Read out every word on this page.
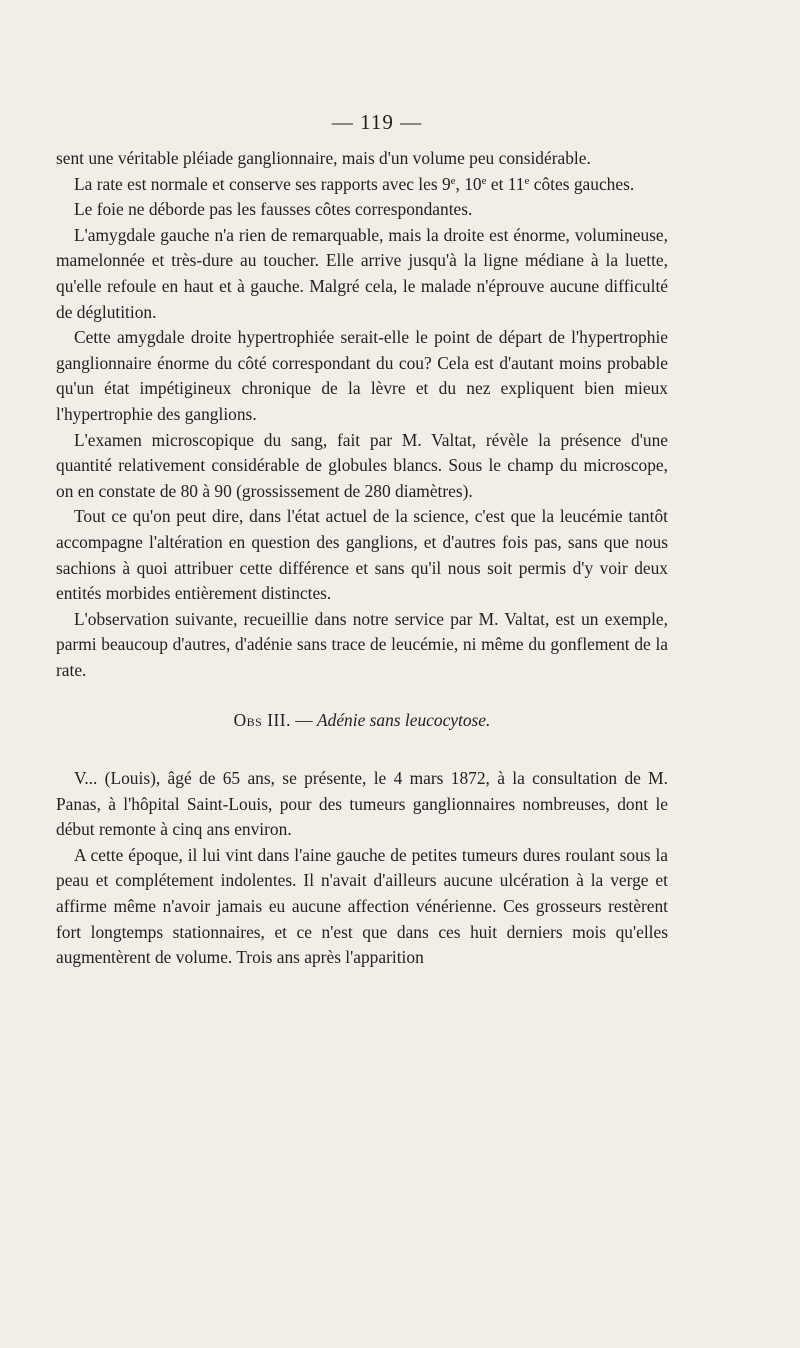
— 119 —

sent une véritable pléiade ganglionnaire, mais d'un volume peu considérable.

La rate est normale et conserve ses rapports avec les 9e, 10e et 11e côtes gauches.

Le foie ne déborde pas les fausses côtes correspondantes.

L'amygdale gauche n'a rien de remarquable, mais la droite est énorme, volumineuse, mamelonnée et très-dure au toucher. Elle arrive jusqu'à la ligne médiane à la luette, qu'elle refoule en haut et à gauche. Malgré cela, le malade n'éprouve aucune difficulté de déglutition.

Cette amygdale droite hypertrophiée serait-elle le point de départ de l'hypertrophie ganglionnaire énorme du côté correspondant du cou? Cela est d'autant moins probable qu'un état impétigineux chronique de la lèvre et du nez expliquent bien mieux l'hypertrophie des ganglions.

L'examen microscopique du sang, fait par M. Valtat, révèle la présence d'une quantité relativement considérable de globules blancs. Sous le champ du microscope, on en constate de 80 à 90 (grossissement de 280 diamètres).

Tout ce qu'on peut dire, dans l'état actuel de la science, c'est que la leucémie tantôt accompagne l'altération en question des ganglions, et d'autres fois pas, sans que nous sachions à quoi attribuer cette différence et sans qu'il nous soit permis d'y voir deux entités morbides entièrement distinctes.

L'observation suivante, recueillie dans notre service par M. Valtat, est un exemple, parmi beaucoup d'autres, d'adénie sans trace de leucémie, ni même du gonflement de la rate.

Obs III. — Adénie sans leucocytose.

V... (Louis), âgé de 65 ans, se présente, le 4 mars 1872, à la consultation de M. Panas, à l'hôpital Saint-Louis, pour des tumeurs ganglionnaires nombreuses, dont le début remonte à cinq ans environ.

A cette époque, il lui vint dans l'aine gauche de petites tumeurs dures roulant sous la peau et complétement indolentes. Il n'avait d'ailleurs aucune ulcération à la verge et affirme même n'avoir jamais eu aucune affection vénérienne. Ces grosseurs restèrent fort longtemps stationnaires, et ce n'est que dans ces huit derniers mois qu'elles augmentèrent de volume. Trois ans après l'apparition
